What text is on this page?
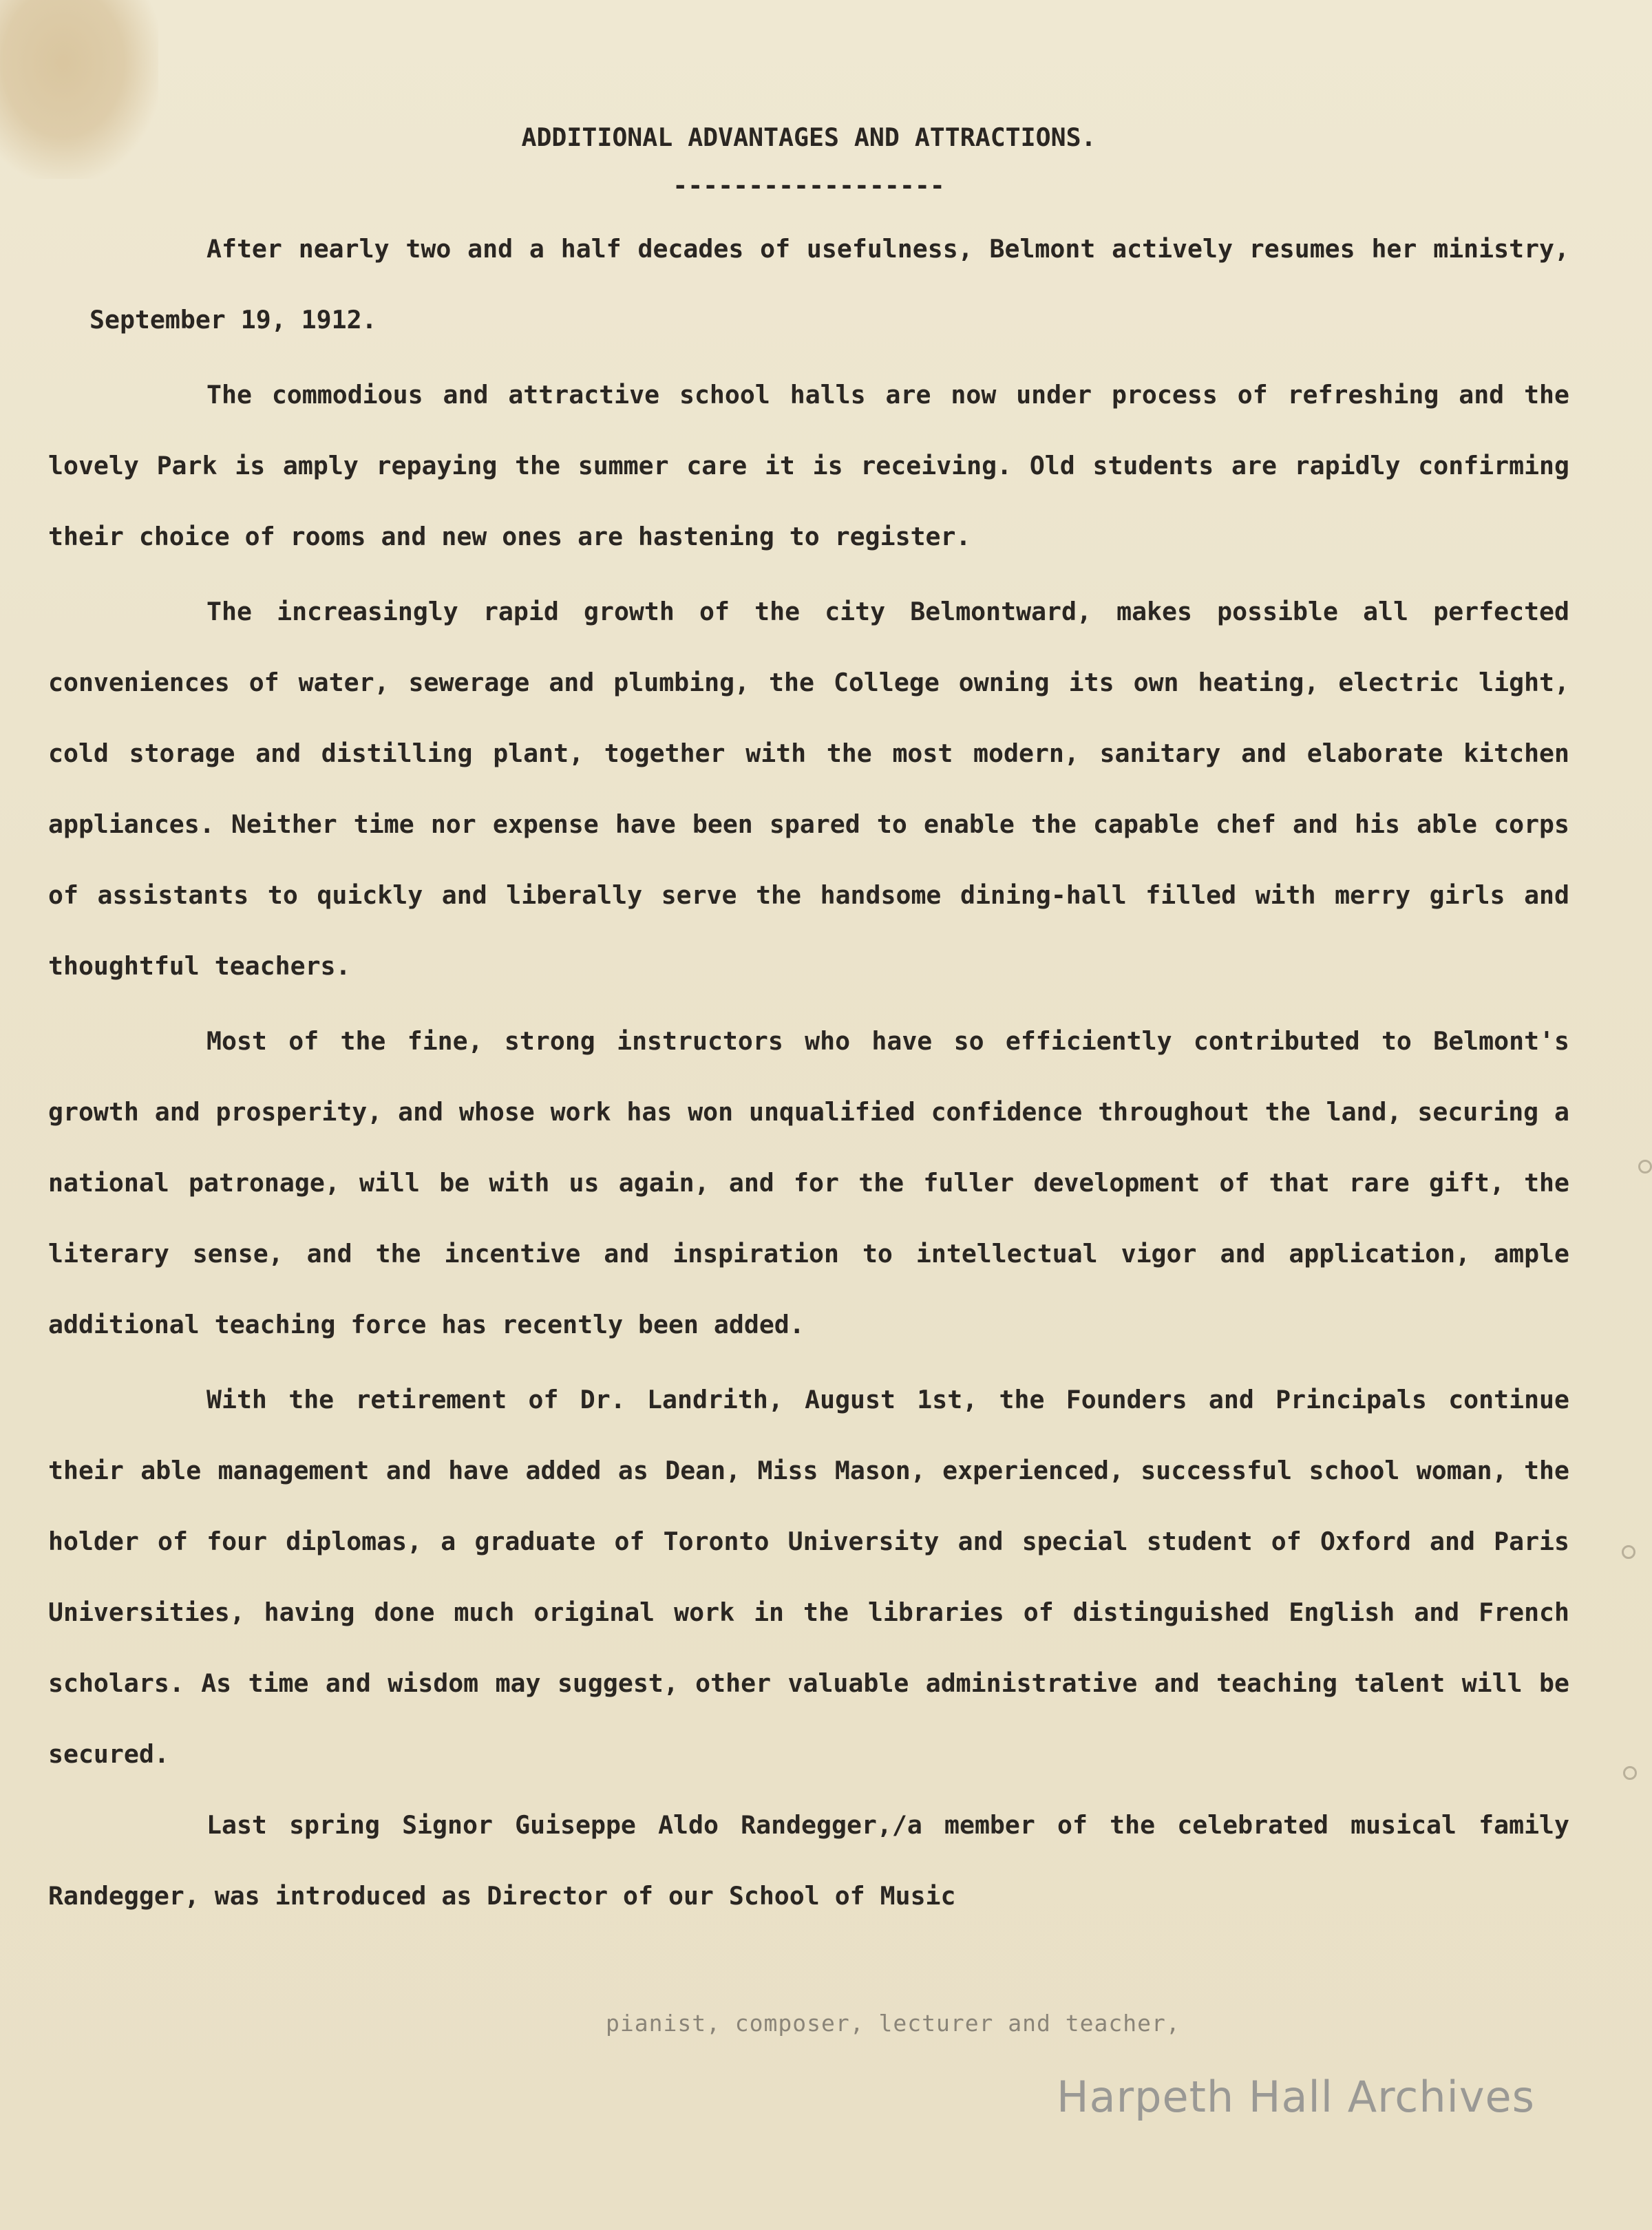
ADDITIONAL ADVANTAGES AND ATTRACTIONS.
------------------

After nearly two and a half decades of usefulness, Belmont actively resumes her ministry, September 19, 1912.

The commodious and attractive school halls are now under process of refreshing and the lovely Park is amply repaying the summer care it is receiving. Old students are rapidly confirming their choice of rooms and new ones are hastening to register.

The increasingly rapid growth of the city Belmontward, makes possible all perfected conveniences of water, sewerage and plumbing, the College owning its own heating, electric light, cold storage and distilling plant, together with the most modern, sanitary and elaborate kitchen appliances. Neither time nor expense have been spared to enable the capable chef and his able corps of assistants to quickly and liberally serve the handsome dining-hall filled with merry girls and thoughtful teachers.

Most of the fine, strong instructors who have so efficiently contributed to Belmont's growth and prosperity, and whose work has won unqualified confidence throughout the land, securing a national patronage, will be with us again, and for the fuller development of that rare gift, the literary sense, and the incentive and inspiration to intellectual vigor and application, ample additional teaching force has recently been added.

With the retirement of Dr. Landrith, August 1st, the Founders and Principals continue their able management and have added as Dean, Miss Mason, experienced, successful school woman, the holder of four diplomas, a graduate of Toronto University and special student of Oxford and Paris Universities, having done much original work in the libraries of distinguished English and French scholars. As time and wisdom may suggest, other valuable administrative and teaching talent will be secured.

Last spring Signor Guiseppe Aldo Randegger,/a member of the celebrated musical family Randegger, was introduced as Director of our School of Music

pianist, composer, lecturer and teacher,
Harpeth Hall Archives
